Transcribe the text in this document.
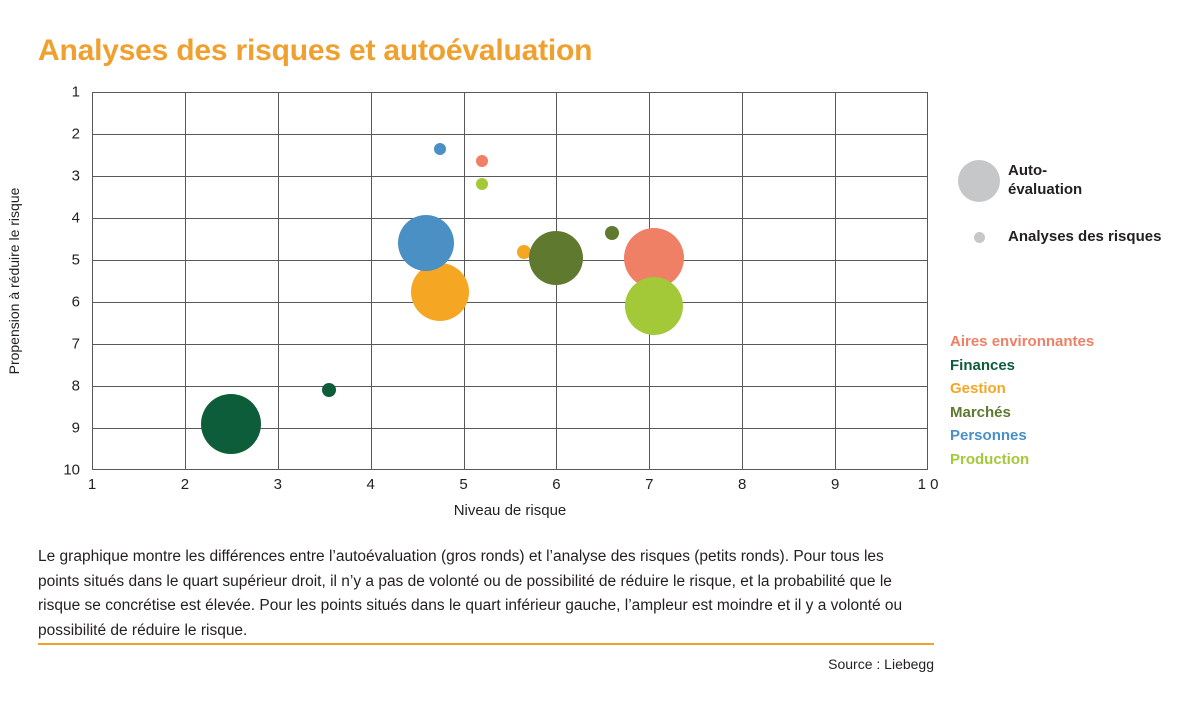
Analyses des risques et autoévaluation
1	2	3	4	5	6	7	8	9	1 0
1
2
3
4
5
6
7
8
9
10
Niveau de risque
Propension à réduire le risque
Auto-
évaluation
Analyses des risques
Aires environnantes
Finances
Gestion
Marchés
Personnes
Production
Le graphique montre les différences entre l’autoévaluation (gros ronds) et l’analyse des risques (petits ronds). Pour tous les points situés dans le quart supérieur droit, il n’y a pas de volonté ou de possibilité de réduire le risque, et la probabilité que le risque se concrétise est élevée. Pour les points situés dans le quart inférieur gauche, l’ampleur est moindre et il y a volonté ou possibilité de réduire le risque.
Source : Liebegg
